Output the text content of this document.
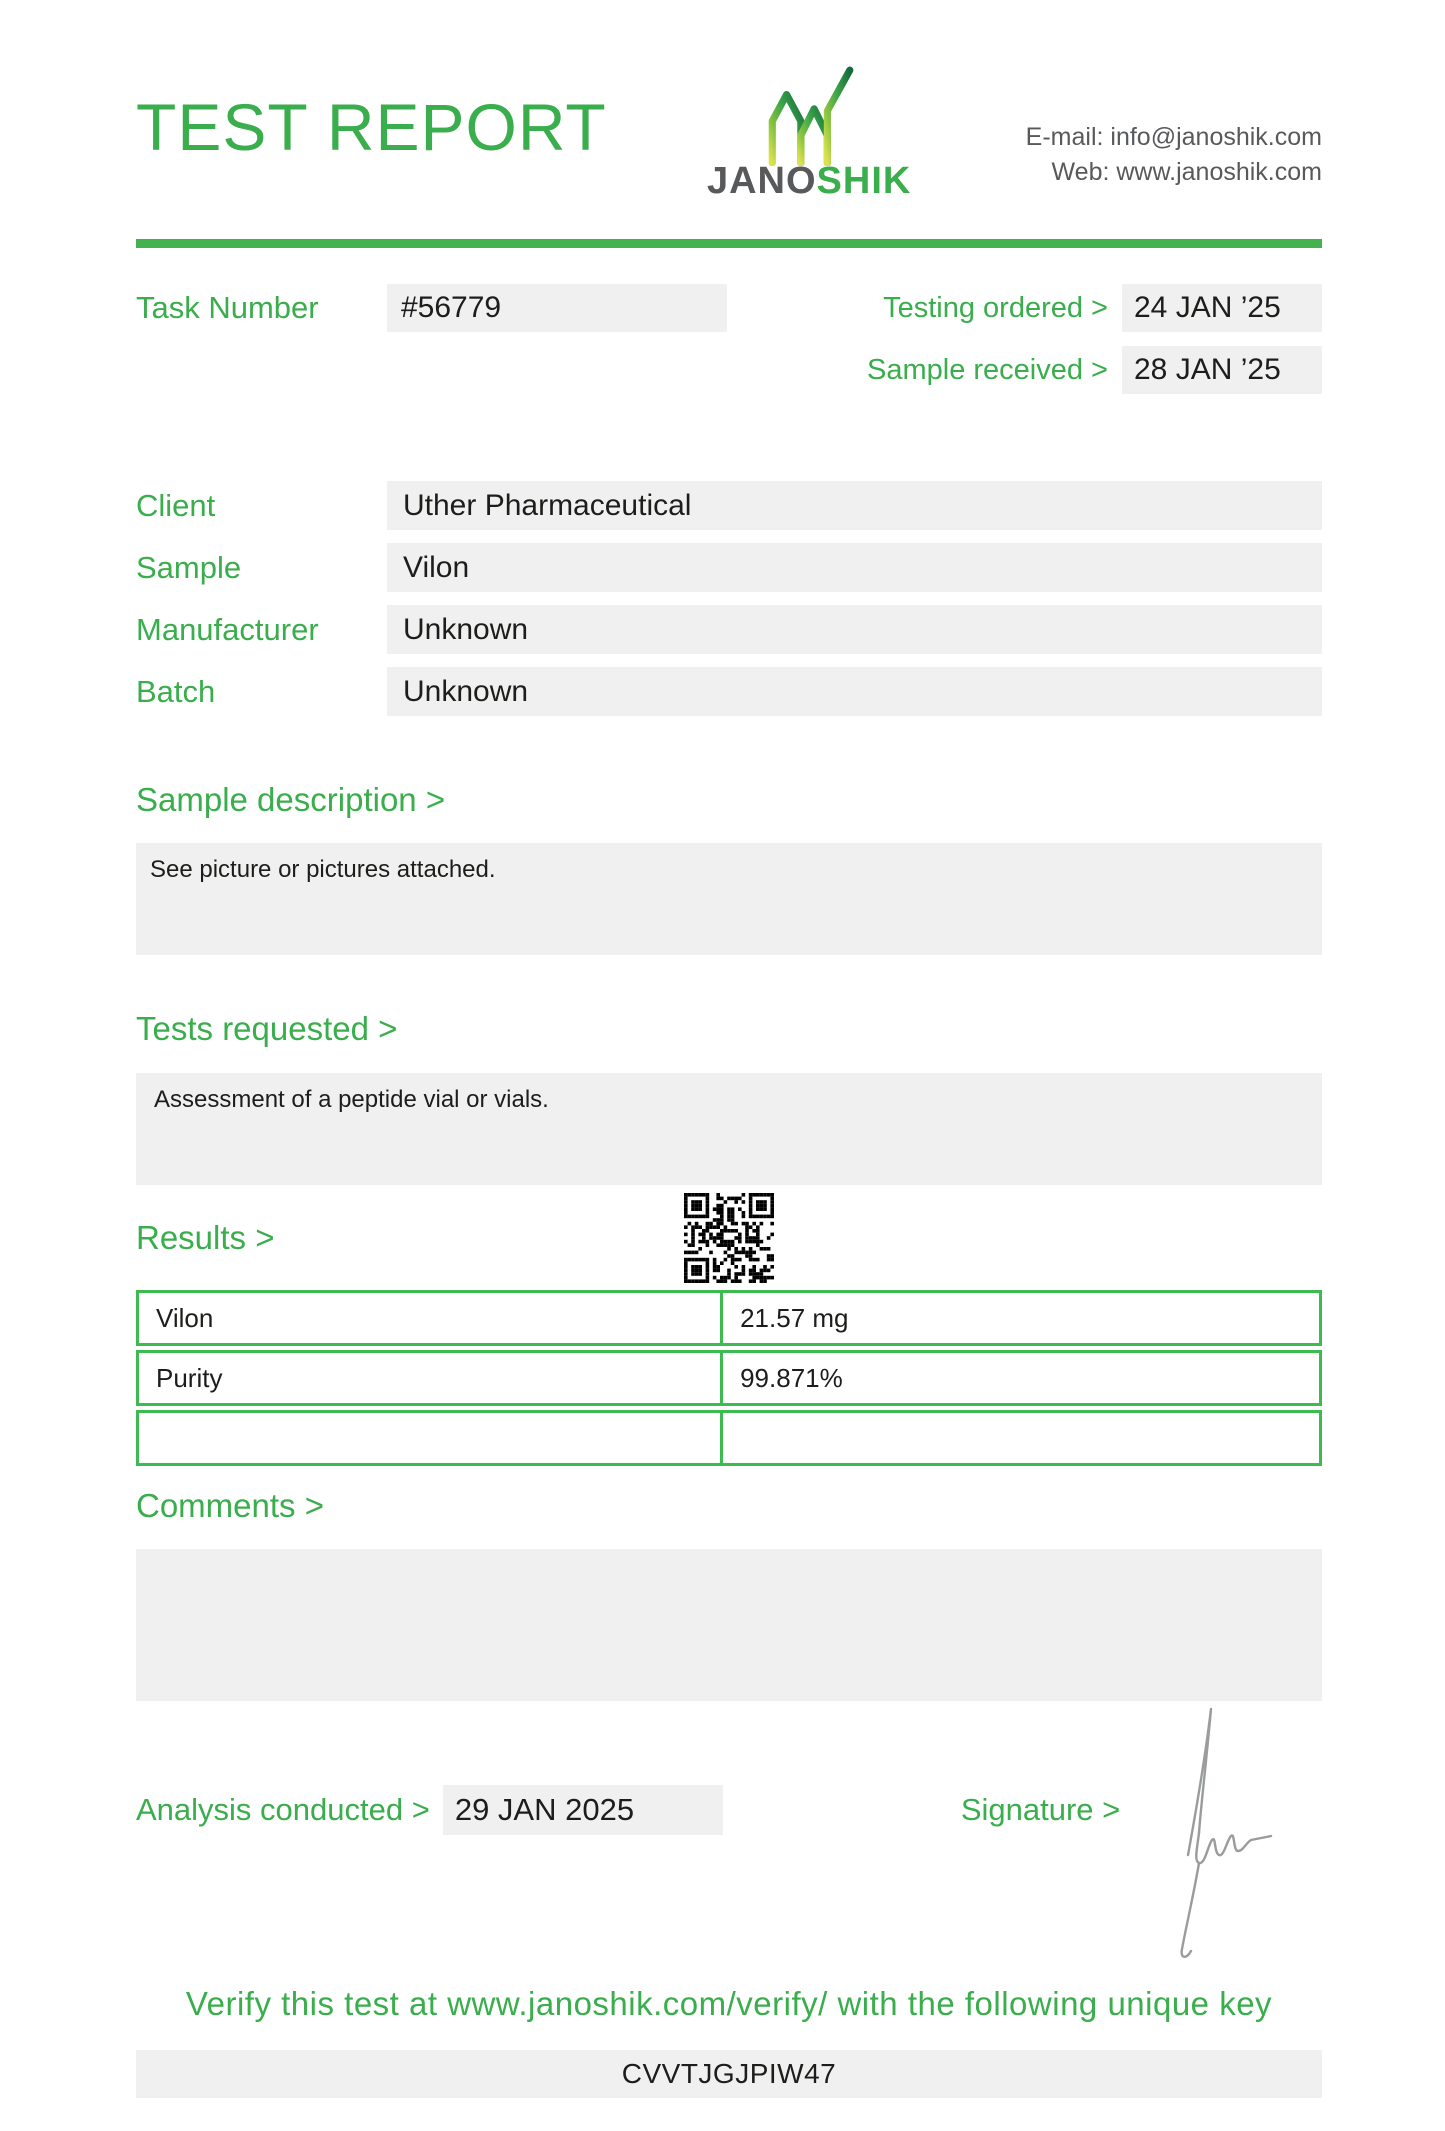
TEST REPORT
JANOSHIK
E-mail: info@janoshik.com
Web: www.janoshik.com
Task Number	#56779	Testing ordered > 24 JAN ’25
Sample received > 28 JAN ’25
Client	Uther Pharmaceutical
Sample	Vilon
Manufacturer	Unknown
Batch	Unknown
Sample description >
See picture or pictures attached.
Tests requested >
Assessment of a peptide vial or vials.
Results >
Vilon	21.57 mg
Purity	99.871%
Comments >
Analysis conducted > 29 JAN 2025	Signature >
Verify this test at www.janoshik.com/verify/ with the following unique key
CVVTJGJPIW47
